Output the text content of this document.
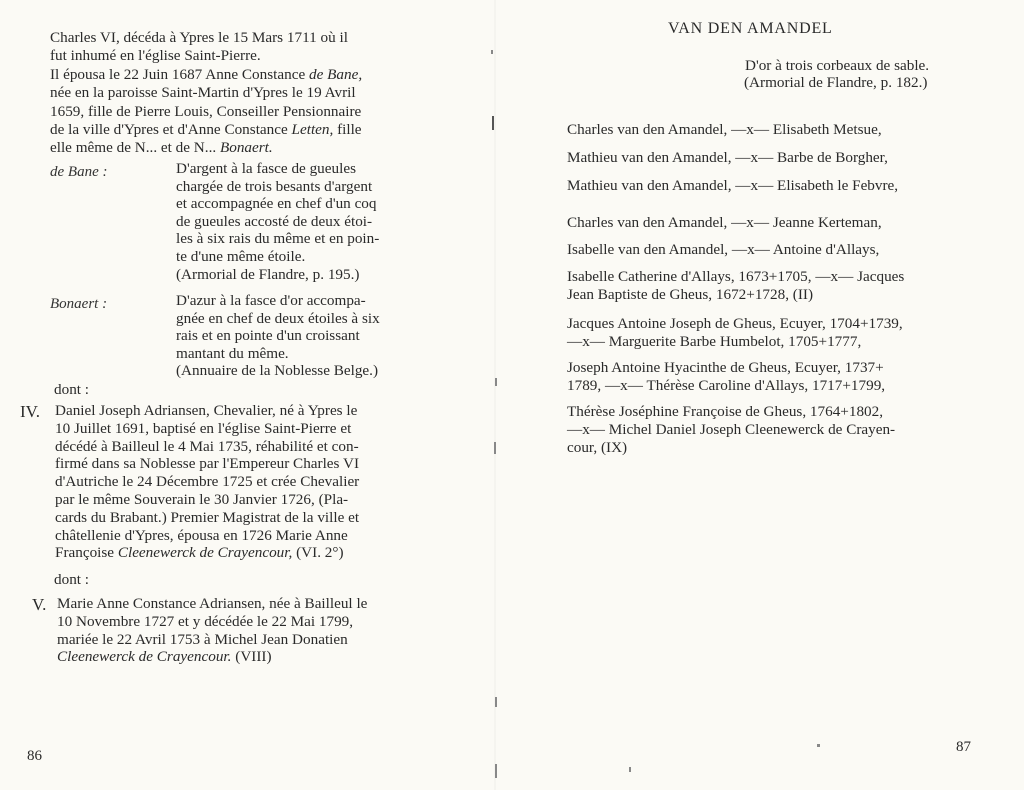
Charles VI, décéda à Ypres le 15 Mars 1711 où il
fut inhumé en l'église Saint-Pierre.
Il épousa le 22 Juin 1687 Anne Constance de Bane,
née en la paroisse Saint-Martin d'Ypres le 19 Avril
1659, fille de Pierre Louis, Conseiller Pensionnaire
de la ville d'Ypres et d'Anne Constance Letten, fille
elle même de N... et de N... Bonaert.
de Bane :	D'argent à la fasce de gueules
chargée de trois besants d'argent
et accompagnée en chef d'un coq
de gueules accosté de deux étoi-
les à six rais du même et en poin-
te d'une même étoile.
(Armorial de Flandre, p. 195.)
Bonaert :	D'azur à la fasce d'or accompa-
gnée en chef de deux étoiles à six
rais et en pointe d'un croissant
mantant du même.
(Annuaire de la Noblesse Belge.)
dont :
IV. Daniel Joseph Adriansen, Chevalier, né à Ypres le
10 Juillet 1691, baptisé en l'église Saint-Pierre et
décédé à Bailleul le 4 Mai 1735, réhabilité et con-
firmé dans sa Noblesse par l'Empereur Charles VI
d'Autriche le 24 Décembre 1725 et crée Chevalier
par le même Souverain le 30 Janvier 1726, (Pla-
cards du Brabant.) Premier Magistrat de la ville et
châtellenie d'Ypres, épousa en 1726 Marie Anne
Françoise Cleenewerck de Crayencour, (VI. 2°)
dont :
V. Marie Anne Constance Adriansen, née à Bailleul le
10 Novembre 1727 et y décédée le 22 Mai 1799,
mariée le 22 Avril 1753 à Michel Jean Donatien
Cleenewerck de Crayencour. (VIII)
86
VAN DEN AMANDEL
D'or à trois corbeaux de sable.
(Armorial de Flandre, p. 182.)
Charles van den Amandel, —x— Elisabeth Metsue,
Mathieu van den Amandel, —x— Barbe de Borgher,
Mathieu van den Amandel, —x— Elisabeth le Febvre,
Charles van den Amandel, —x— Jeanne Kerteman,
Isabelle van den Amandel, —x— Antoine d'Allays,
Isabelle Catherine d'Allays, 1673+1705, —x— Jacques
Jean Baptiste de Gheus, 1672+1728, (II)
Jacques Antoine Joseph de Gheus, Ecuyer, 1704+1739,
—x— Marguerite Barbe Humbelot, 1705+1777,
Joseph Antoine Hyacinthe de Gheus, Ecuyer, 1737+
1789, —x— Thérèse Caroline d'Allays, 1717+1799,
Thérèse Joséphine Françoise de Gheus, 1764+1802,
—x— Michel Daniel Joseph Cleenewerck de Crayen-
cour, (IX)
87
